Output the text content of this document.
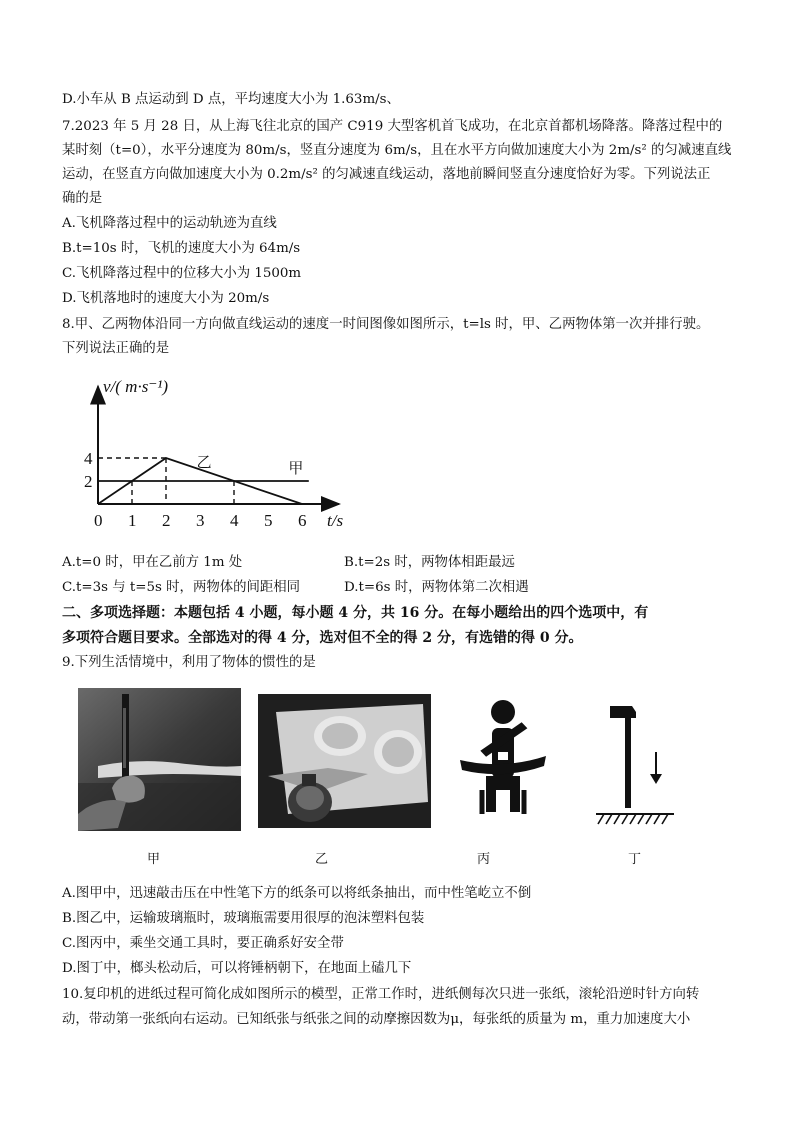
D.小车从 B 点运动到 D 点，平均速度大小为 1.63m/s、
7.2023 年 5 月 28 日，从上海飞往北京的国产 C919 大型客机首飞成功，在北京首都机场降落。降落过程中的
某时刻（t=0），水平分速度为 80m/s，竖直分速度为 6m/s，且在水平方向做加速度大小为 2m/s² 的匀减速直线
运动，在竖直方向做加速度大小为 0.2m/s² 的匀减速直线运动，落地前瞬间竖直分速度恰好为零。下列说法正
确的是
A.飞机降落过程中的运动轨迹为直线
B.t=10s 时，飞机的速度大小为 64m/s
C.飞机降落过程中的位移大小为 1500m
D.飞机落地时的速度大小为 20m/s
8.甲、乙两物体沿同一方向做直线运动的速度一时间图像如图所示，t=ls 时，甲、乙两物体第一次并排行驶。
下列说法正确的是
甲
乙
v/( m·s⁻¹)
t/s
0 1 2 3 4 5 6
2
4
A.t=0 时，甲在乙前方 1m 处	B.t=2s 时，两物体相距最远
C.t=3s 与 t=5s 时，两物体的间距相同	D.t=6s 时，两物体第二次相遇
二、多项选择题：本题包括 4 小题，每小题 4 分，共 16 分。在每小题给出的四个选项中，有
多项符合题目要求。全部选对的得 4 分，选对但不全的得 2 分，有选错的得 0 分。
9.下列生活情境中，利用了物体的惯性的是
甲	乙	丙	丁
A.图甲中，迅速敲击压在中性笔下方的纸条可以将纸条抽出，而中性笔屹立不倒
B.图乙中，运输玻璃瓶时，玻璃瓶需要用很厚的泡沫塑料包装
C.图丙中，乘坐交通工具时，要正确系好安全带
D.图丁中，榔头松动后，可以将锤柄朝下，在地面上磕几下
10.复印机的进纸过程可简化成如图所示的模型，正常工作时，进纸侧每次只进一张纸，滚轮沿逆时针方向转
动，带动第一张纸向右运动。已知纸张与纸张之间的动摩擦因数为μ，每张纸的质量为 m，重力加速度大小
